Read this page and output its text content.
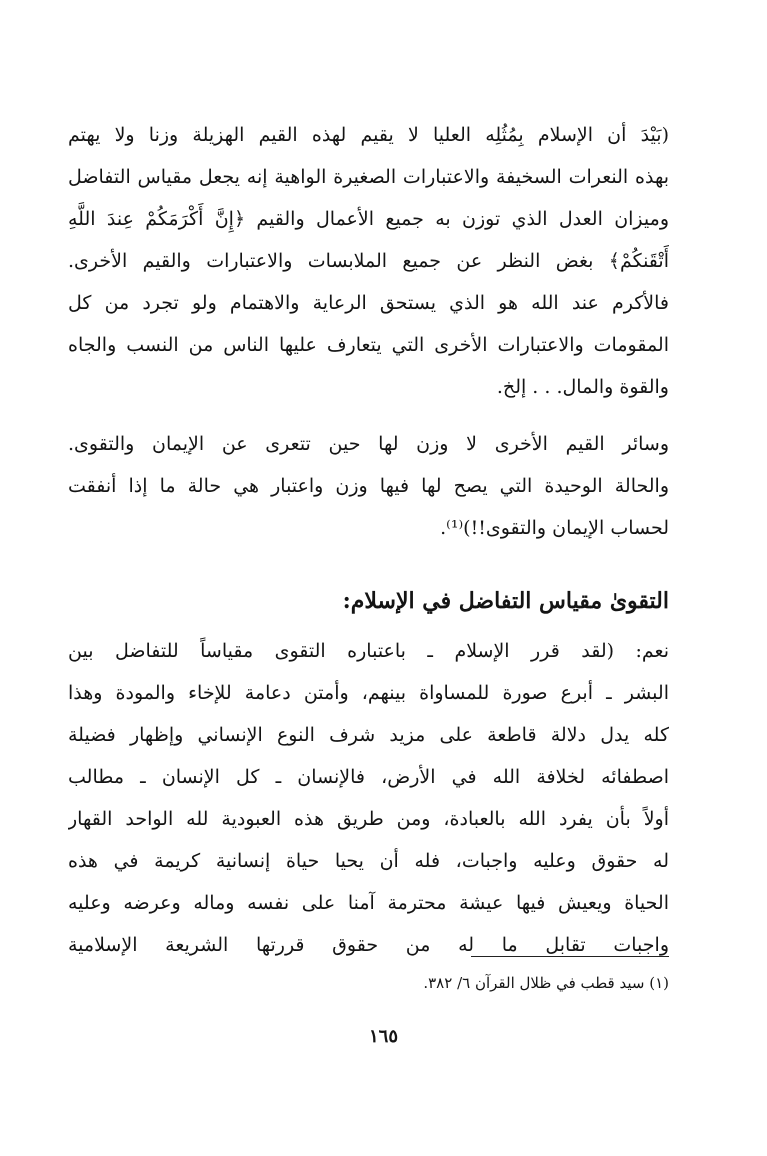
(بَيْدَ أن الإسلام بِمُثُلِه العليا لا يقيم لهذه القيم الهزيلة وزنا ولا يهتم
بهذه النعرات السخيفة والاعتبارات الصغيرة الواهية إنه يجعل مقياس التفاضل
وميزان العدل الذي توزن به جميع الأعمال والقيم ﴿إِنَّ أَكْرَمَكُمْ عِندَ اللَّهِ
أَتْقَنكُمْ﴾ بغض النظر عن جميع الملابسات والاعتبارات والقيم الأخرى.
فالأكرم عند الله هو الذي يستحق الرعاية والاهتمام ولو تجرد من كل
المقومات والاعتبارات الأخرى التي يتعارف عليها الناس من النسب والجاه
والقوة والمال. . . إلخ.
وسائر القيم الأخرى لا وزن لها حين تتعرى عن الإيمان والتقوى.
والحالة الوحيدة التي يصح لها فيها وزن واعتبار هي حالة ما إذا أنفقت
لحساب الإيمان والتقوى!!)⁽¹⁾.
التقوىٰ مقياس التفاضل في الإسلام:
نعم: (لقد قرر الإسلام ـ باعتباره التقوى مقياساً للتفاضل بين
البشر ـ أبرع صورة للمساواة بينهم، وأمتن دعامة للإخاء والمودة وهذا
كله يدل دلالة قاطعة على مزيد شرف النوع الإنساني وإظهار فضيلة
اصطفائه لخلافة الله في الأرض، فالإنسان ـ كل الإنسان ـ مطالب
أولاً بأن يفرد الله بالعبادة، ومن طريق هذه العبودية لله الواحد القهار
له حقوق وعليه واجبات، فله أن يحيا حياة إنسانية كريمة في هذه
الحياة ويعيش فيها عيشة محترمة آمنا على نفسه وماله وعرضه وعليه
واجبات تقابل ما له من حقوق قررتها الشريعة الإسلامية
(١) سيد قطب في ظلال القرآن ٦/ ٣٨٢.
١٦٥
